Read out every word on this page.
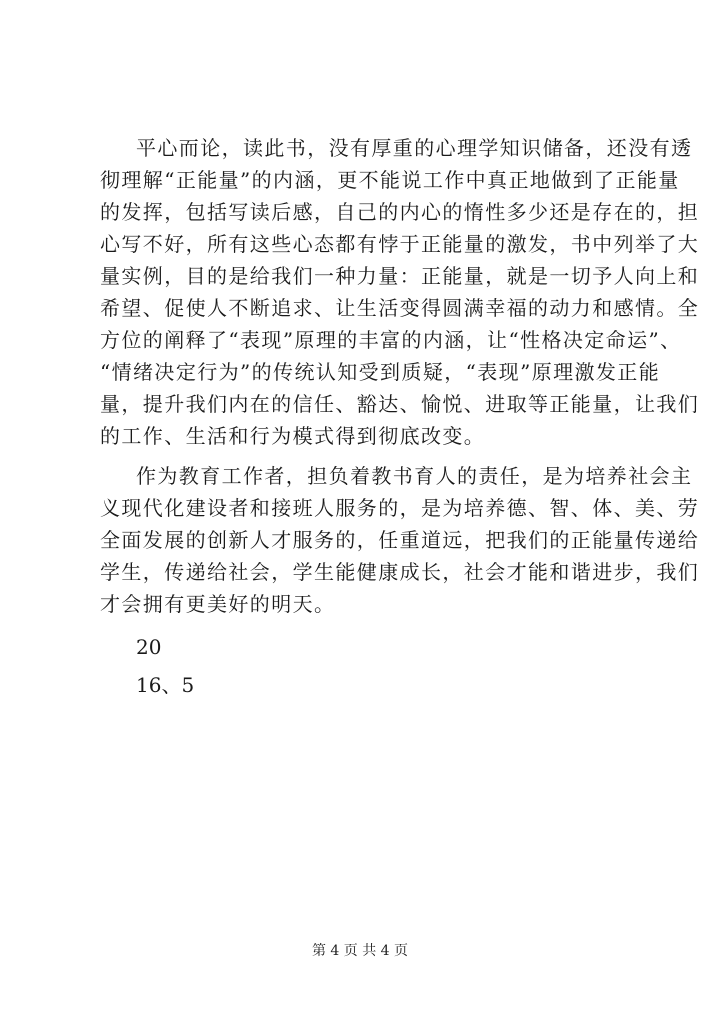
平心而论，读此书，没有厚重的心理学知识储备，还没有透
彻理解“正能量”的内涵，更不能说工作中真正地做到了正能量
的发挥，包括写读后感，自己的内心的惰性多少还是存在的，担
心写不好，所有这些心态都有悖于正能量的激发，书中列举了大
量实例，目的是给我们一种力量：正能量，就是一切予人向上和
希望、促使人不断追求、让生活变得圆满幸福的动力和感情。全
方位的阐释了“表现”原理的丰富的内涵，让“性格决定命运”、
“情绪决定行为”的传统认知受到质疑，“表现”原理激发正能
量，提升我们内在的信任、豁达、愉悦、进取等正能量，让我们
的工作、生活和行为模式得到彻底改变。
作为教育工作者，担负着教书育人的责任，是为培养社会主
义现代化建设者和接班人服务的，是为培养德、智、体、美、劳
全面发展的创新人才服务的，任重道远，把我们的正能量传递给
学生，传递给社会，学生能健康成长，社会才能和谐进步，我们
才会拥有更美好的明天。
20
16、5
第 4 页 共 4 页
